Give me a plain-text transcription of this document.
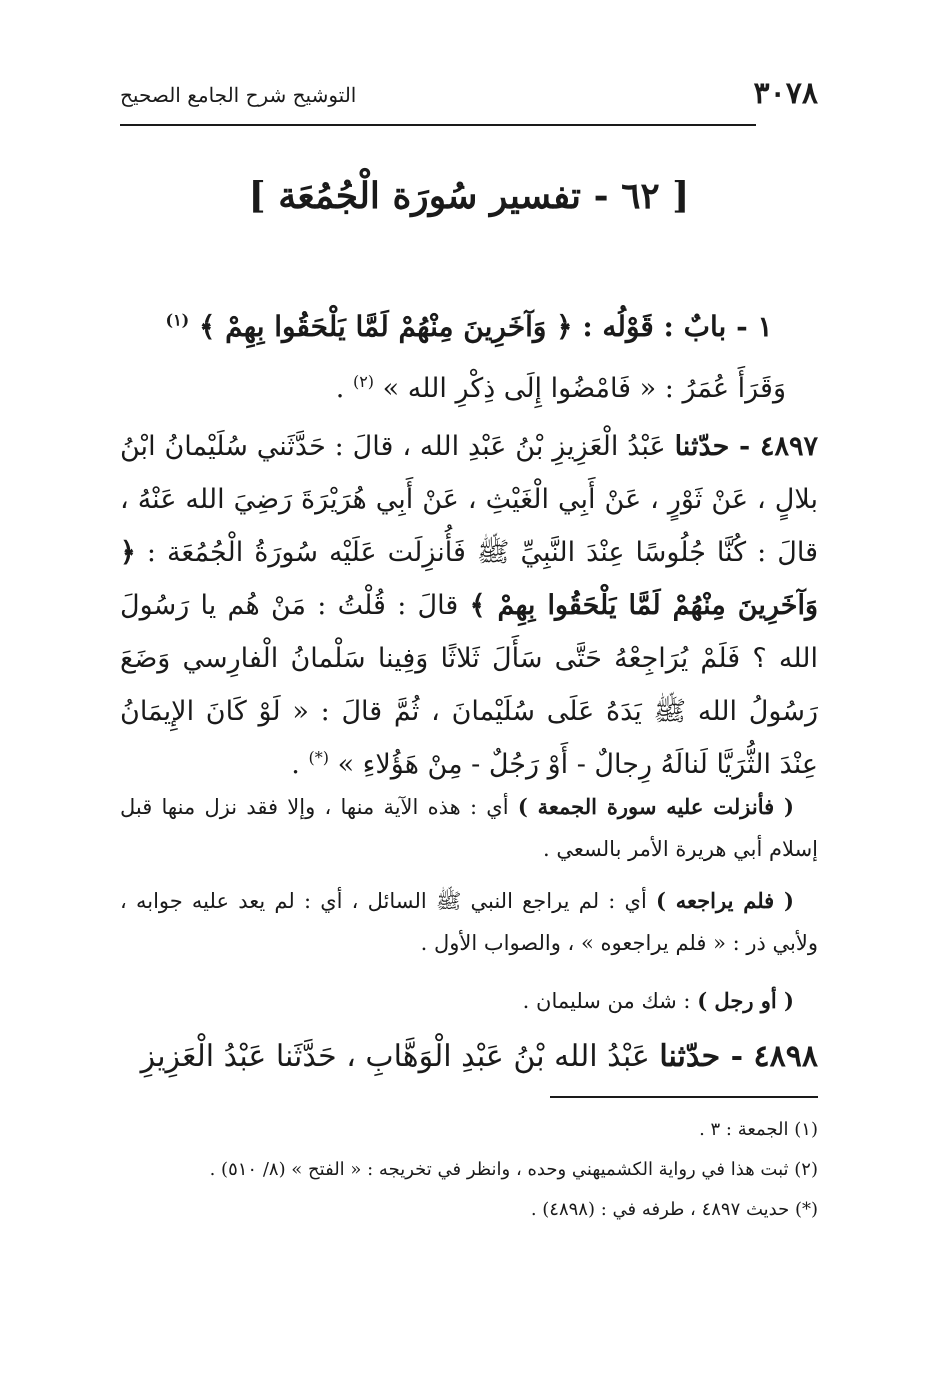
٣٠٧٨
التوشيح شرح الجامع الصحيح
[ ٦٢ - تفسير سُورَة الْجُمُعَة ]
١ - بابٌ : قَوْلُه : ﴿ وَآخَرِينَ مِنْهُمْ لَمَّا يَلْحَقُوا بِهِمْ ﴾ $^{(١)}$
وَقَرَأَ عُمَرُ : « فَامْضُوا إِلَى ذِكْرِ الله » $^{(٢)}$ .
٤٨٩٧ - حدّثنا عَبْدُ الْعَزِيزِ بْنُ عَبْدِ الله ، قالَ : حَدَّثَني سُلَيْمانُ ابْنُ بلالٍ ، عَنْ ثَوْرٍ ، عَنْ أَبِي الْغَيْثِ ، عَنْ أَبِي هُرَيْرَةَ رَضِيَ الله عَنْهُ ، قالَ : كُنَّا جُلُوسًا عِنْدَ النَّبِيِّ ﷺ فَأُنزِلَت عَلَيْه سُورَةُ الْجُمُعَة : ﴿ وَآخَرِينَ مِنْهُمْ لَمَّا يَلْحَقُوا بِهِمْ ﴾ قالَ : قُلْتُ : مَنْ هُم يا رَسُولَ الله ؟ فَلَمْ يُرَاجِعْهُ حَتَّى سَأَلَ ثَلاثًا وَفِينا سَلْمانُ الْفارِسي وَضَعَ رَسُولُ الله ﷺ يَدَهُ عَلَى سُلَيْمانَ ، ثُمَّ قالَ : « لَوْ كَانَ الإِيمَانُ عِنْدَ الثُّرَيَّا لَنالَهُ رِجالٌ - أَوْ رَجُلٌ - مِنْ هَؤُلاءِ » (*) .
( فأنزلت عليه سورة الجمعة ) أي : هذه الآية منها ، وإلا فقد نزل منها قبل إسلام أبي هريرة الأمر بالسعي .
( فلم يراجعه ) أي : لم يراجع النبي ﷺ السائل ، أي : لم يعد عليه جوابه ، ولأبي ذر : « فلم يراجعوه » ، والصواب الأول .
( أو رجل ) : شك من سليمان .
٤٨٩٨ - حدّثنا عَبْدُ الله بْنُ عَبْدِ الْوَهَّابِ ، حَدَّثَنا عَبْدُ الْعَزِيزِ

(١) الجمعة : ٣ .

(٢) ثبت هذا في رواية الكشميهني وحده ، وانظر في تخريجه : « الفتح » (٨/ ٥١٠) .

(*) حديث ٤٨٩٧ ، طرفه في : (٤٨٩٨) .
